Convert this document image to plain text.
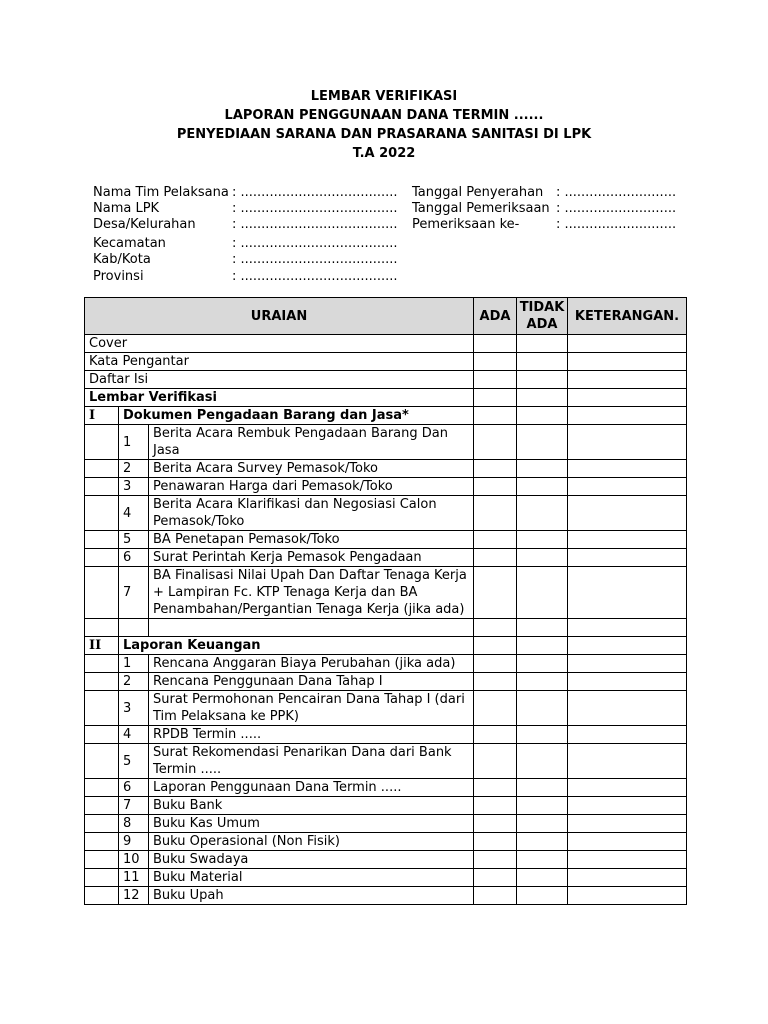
LEMBAR VERIFIKASI
LAPORAN PENGGUNAAN DANA TERMIN ......
PENYEDIAAN SARANA DAN PRASARANA SANITASI DI LPK
T.A 2022
Nama Tim Pelaksana : ......................................
Nama LPK	: ......................................
Desa/Kelurahan	: ......................................
Kecamatan	: ......................................
Kab/Kota	: ......................................
Provinsi	: ......................................
Tanggal Penyerahan : ...........................
Tanggal Pemeriksaan : ...........................
Pemeriksaan ke-	: ...........................
URAIAN			ADA	TIDAK ADA	KETERANGAN.
Cover					
Kata Pengantar					
Daftar Isi					
Lembar Verifikasi					
I	Dokumen Pengadaan Barang dan Jasa*				
	1	Berita Acara Rembuk Pengadaan Barang Dan Jasa			
	2	Berita Acara Survey Pemasok/Toko			
	3	Penawaran Harga dari Pemasok/Toko			
	4	Berita Acara Klarifikasi dan Negosiasi Calon Pemasok/Toko			
	5	BA Penetapan Pemasok/Toko			
	6	Surat Perintah Kerja Pemasok Pengadaan			
	7	BA Finalisasi Nilai Upah Dan Daftar Tenaga Kerja + Lampiran Fc. KTP Tenaga Kerja dan BA Penambahan/Pergantian Tenaga Kerja (jika ada)			

II	Laporan Keuangan				
	1	Rencana Anggaran Biaya Perubahan (jika ada)			
	2	Rencana Penggunaan Dana Tahap I			
	3	Surat Permohonan Pencairan Dana Tahap I (dari Tim Pelaksana ke PPK)			
	4	RPDB Termin .....			
	5	Surat Rekomendasi Penarikan Dana dari Bank Termin .....			
	6	Laporan Penggunaan Dana Termin .....			
	7	Buku Bank			
	8	Buku Kas Umum			
	9	Buku Operasional (Non Fisik)			
	10	Buku Swadaya			
	11	Buku Material			
	12	Buku Upah			
